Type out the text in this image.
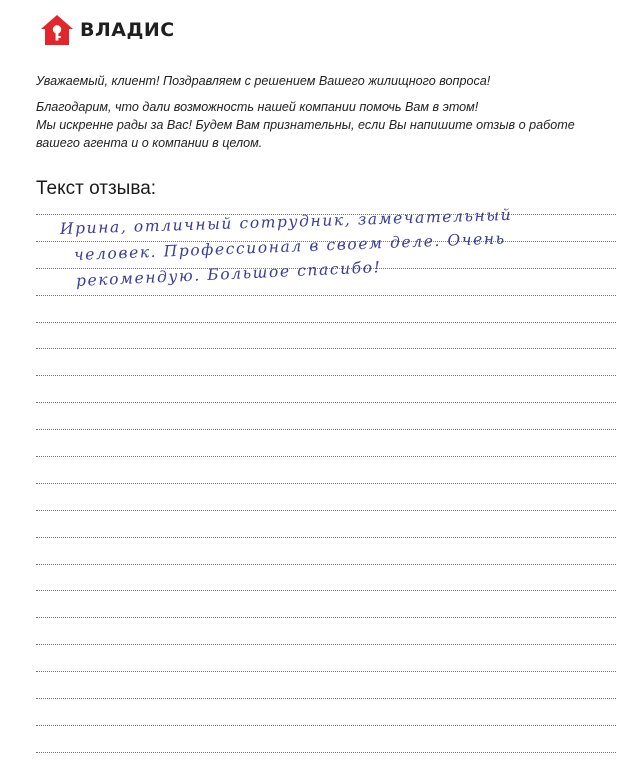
ВЛАДИС

Уважаемый, клиент! Поздравляем с решением Вашего жилищного вопроса!

Благодарим, что дали возможность нашей компании помочь Вам в этом!

Мы искренне рады за Вас! Будем Вам признательны, если Вы напишите отзыв о работе

вашего агента и о компании в целом.

Текст отзыва:
Ирина, отличный сотрудник, замечательный
человек. Профессионал в своем деле. Очень
рекомендую. Большое спасибо!
